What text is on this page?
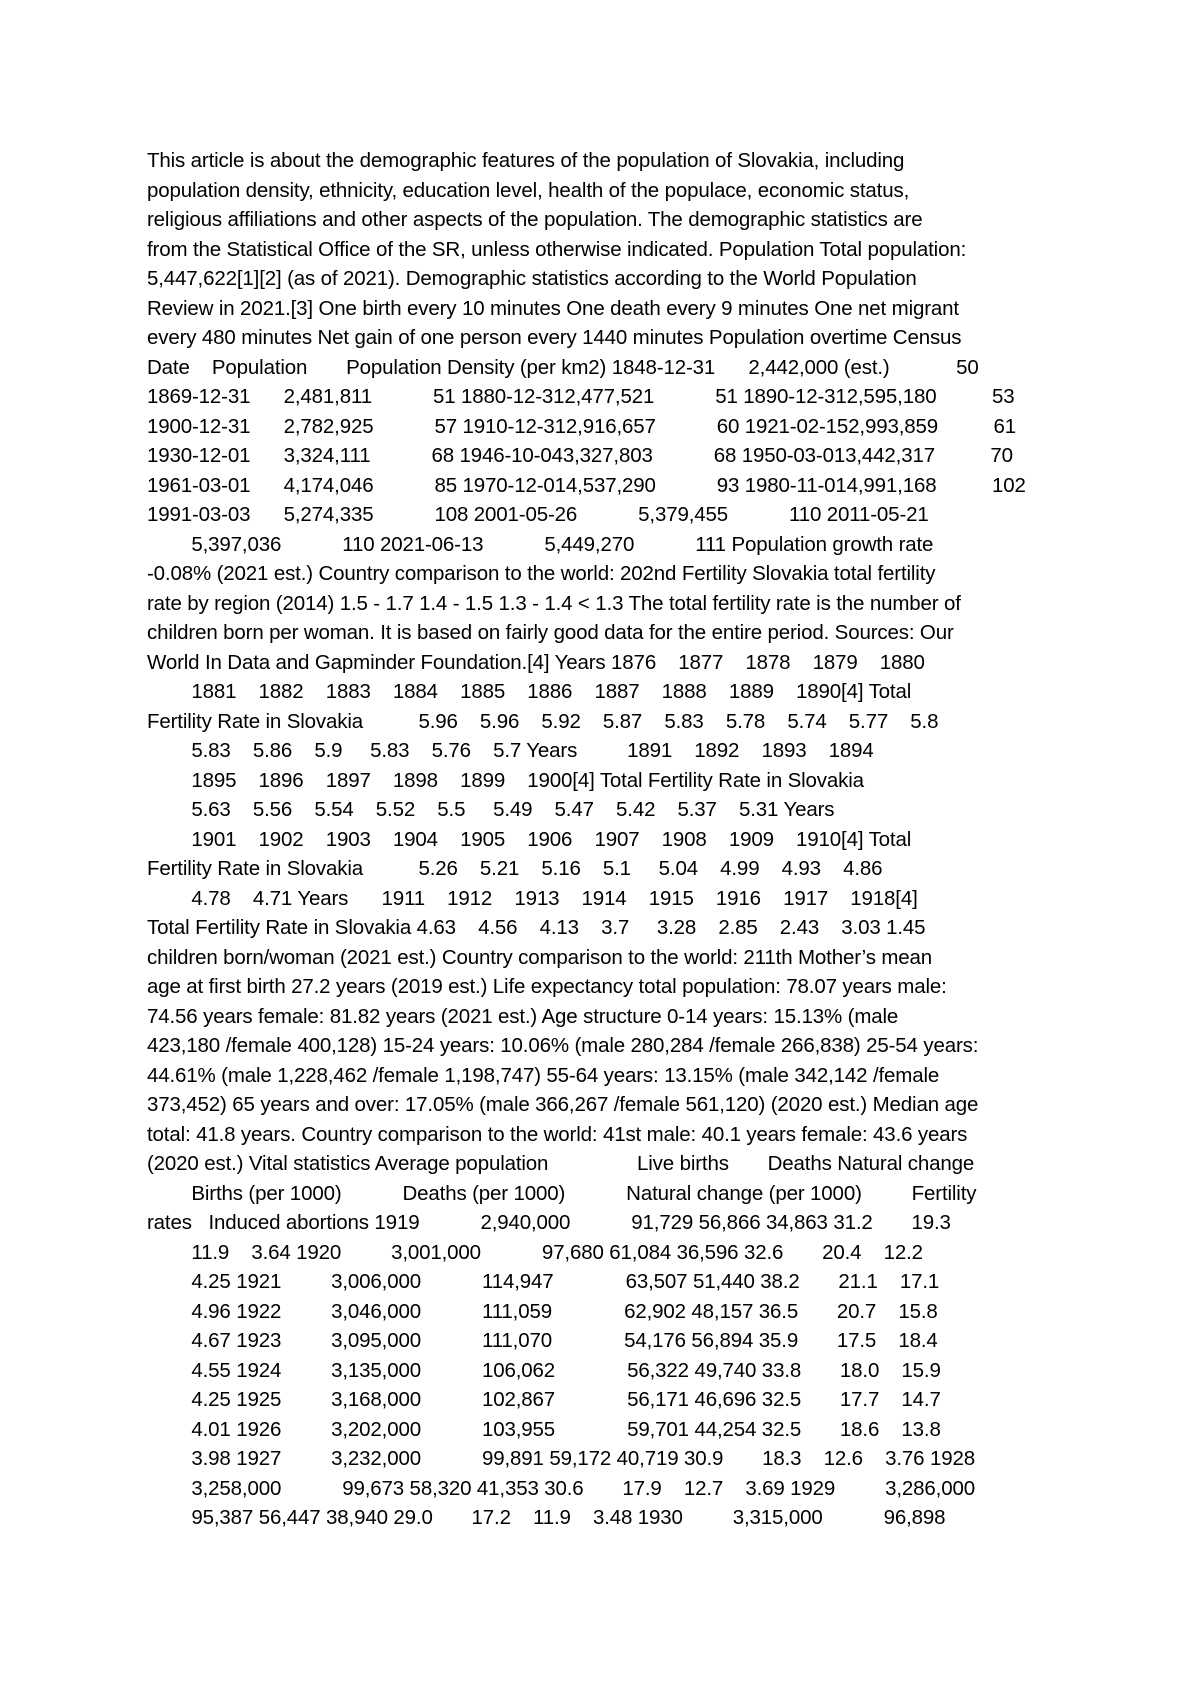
This article is about the demographic features of the population of Slovakia, including
population density, ethnicity, education level, health of the populace, economic status,
religious affiliations and other aspects of the population. The demographic statistics are
from the Statistical Office of the SR, unless otherwise indicated. Population Total population:
5,447,622[1][2] (as of 2021). Demographic statistics according to the World Population
Review in 2021.[3] One birth every 10 minutes One death every 9 minutes One net migrant
every 480 minutes Net gain of one person every 1440 minutes Population overtime Census
Date    Population       Population Density (per km2) 1848-12-31      2,442,000 (est.)            50
1869-12-31      2,481,811           51 1880-12-312,477,521           51 1890-12-312,595,180          53
1900-12-31      2,782,925           57 1910-12-312,916,657           60 1921-02-152,993,859          61
1930-12-01      3,324,111           68 1946-10-043,327,803           68 1950-03-013,442,317          70
1961-03-01      4,174,046           85 1970-12-014,537,290           93 1980-11-014,991,168          102
1991-03-03      5,274,335           108 2001-05-26           5,379,455           110 2011-05-21
5,397,036           110 2021-06-13           5,449,270           111 Population growth rate
-0.08% (2021 est.) Country comparison to the world: 202nd Fertility Slovakia total fertility
rate by region (2014) 1.5 - 1.7 1.4 - 1.5 1.3 - 1.4 < 1.3 The total fertility rate is the number of
children born per woman. It is based on fairly good data for the entire period. Sources: Our
World In Data and Gapminder Foundation.[4] Years 1876    1877    1878    1879    1880
1881    1882    1883    1884    1885    1886    1887    1888    1889    1890[4] Total
Fertility Rate in Slovakia          5.96    5.96    5.92    5.87    5.83    5.78    5.74    5.77    5.8
5.83    5.86    5.9     5.83    5.76    5.7 Years         1891    1892    1893    1894
1895    1896    1897    1898    1899    1900[4] Total Fertility Rate in Slovakia
5.63    5.56    5.54    5.52    5.5     5.49    5.47    5.42    5.37    5.31 Years
1901    1902    1903    1904    1905    1906    1907    1908    1909    1910[4] Total
Fertility Rate in Slovakia          5.26    5.21    5.16    5.1     5.04    4.99    4.93    4.86
4.78    4.71 Years      1911    1912    1913    1914    1915    1916    1917    1918[4]
Total Fertility Rate in Slovakia 4.63    4.56    4.13    3.7     3.28    2.85    2.43    3.03 1.45
children born/woman (2021 est.) Country comparison to the world: 211th Mother’s mean
age at first birth 27.2 years (2019 est.) Life expectancy total population: 78.07 years male:
74.56 years female: 81.82 years (2021 est.) Age structure 0-14 years: 15.13% (male
423,180 /female 400,128) 15-24 years: 10.06% (male 280,284 /female 266,838) 25-54 years:
44.61% (male 1,228,462 /female 1,198,747) 55-64 years: 13.15% (male 342,142 /female
373,452) 65 years and over: 17.05% (male 366,267 /female 561,120) (2020 est.) Median age
total: 41.8 years. Country comparison to the world: 41st male: 40.1 years female: 43.6 years
(2020 est.) Vital statistics Average population                Live births       Deaths Natural change
Births (per 1000)           Deaths (per 1000)           Natural change (per 1000)         Fertility
rates   Induced abortions 1919           2,940,000           91,729 56,866 34,863 31.2       19.3
11.9    3.64 1920         3,001,000           97,680 61,084 36,596 32.6       20.4    12.2
4.25 1921         3,006,000           114,947             63,507 51,440 38.2       21.1    17.1
4.96 1922         3,046,000           111,059             62,902 48,157 36.5       20.7    15.8
4.67 1923         3,095,000           111,070             54,176 56,894 35.9       17.5    18.4
4.55 1924         3,135,000           106,062             56,322 49,740 33.8       18.0    15.9
4.25 1925         3,168,000           102,867             56,171 46,696 32.5       17.7    14.7
4.01 1926         3,202,000           103,955             59,701 44,254 32.5       18.6    13.8
3.98 1927         3,232,000           99,891 59,172 40,719 30.9       18.3    12.6    3.76 1928
3,258,000           99,673 58,320 41,353 30.6       17.9    12.7    3.69 1929         3,286,000
95,387 56,447 38,940 29.0       17.2    11.9    3.48 1930         3,315,000           96,898
